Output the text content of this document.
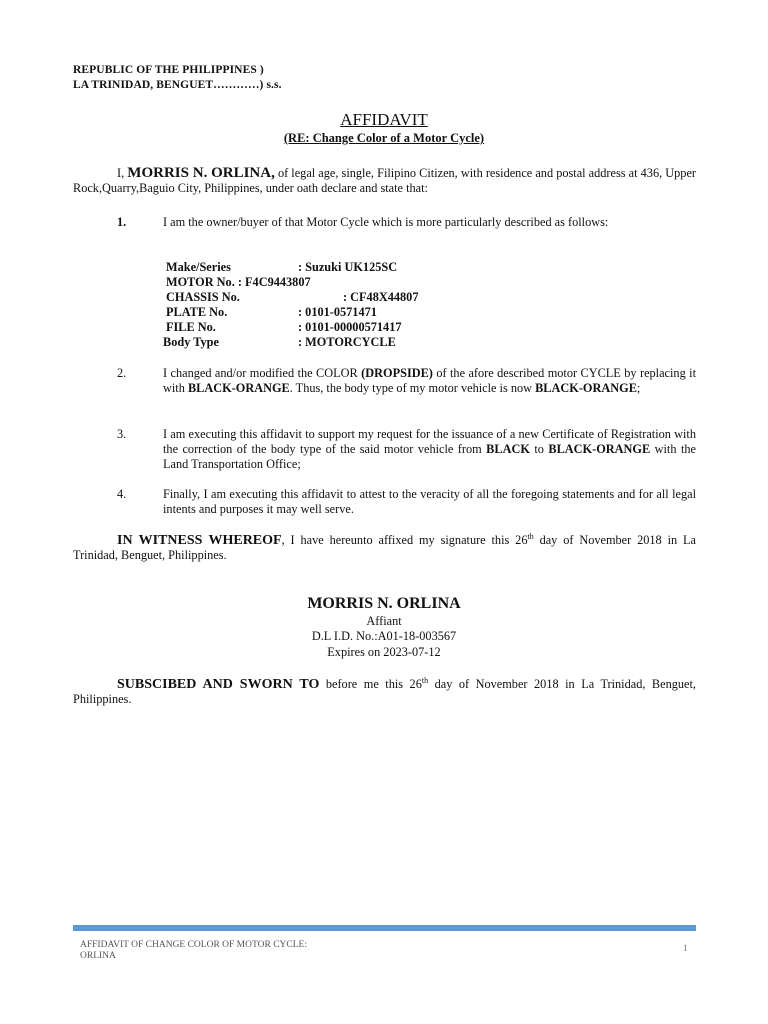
REPUBLIC OF THE PHILIPPINES )
LA TRINIDAD, BENGUET…………) s.s.
AFFIDAVIT
(RE: Change Color of a Motor Cycle)
I, MORRIS N. ORLINA, of legal age, single, Filipino Citizen, with residence and postal address at 436, Upper Rock,Quarry,Baguio City, Philippines, under oath declare and state that:
1.	I am the owner/buyer of that Motor Cycle which is more particularly described as follows:
Make/Series	: Suzuki UK125SC
MOTOR No. : F4C9443807
CHASSIS No.	: CF48X44807
PLATE No.	: 0101-0571471
FILE No.	: 0101-00000571417
Body Type	: MOTORCYCLE
2.	I changed and/or modified the COLOR (DROPSIDE) of the afore described motor CYCLE by replacing it with BLACK-ORANGE. Thus, the body type of my motor vehicle is now BLACK-ORANGE;
3.	I am executing this affidavit to support my request for the issuance of a new Certificate of Registration with the correction of the body type of the said motor vehicle from BLACK to BLACK-ORANGE with the Land Transportation Office;
4.	Finally, I am executing this affidavit to attest to the veracity of all the foregoing statements and for all legal intents and purposes it may well serve.
IN WITNESS WHEREOF, I have hereunto affixed my signature this 26th day of November 2018 in La Trinidad, Benguet, Philippines.
MORRIS N. ORLINA
Affiant
D.L I.D. No.:A01-18-003567
Expires on 2023-07-12
SUBSCIBED AND SWORN TO before me this 26th day of November 2018 in La Trinidad, Benguet, Philippines.
AFFIDAVIT OF CHANGE COLOR OF MOTOR CYCLE:
ORLINA
1
